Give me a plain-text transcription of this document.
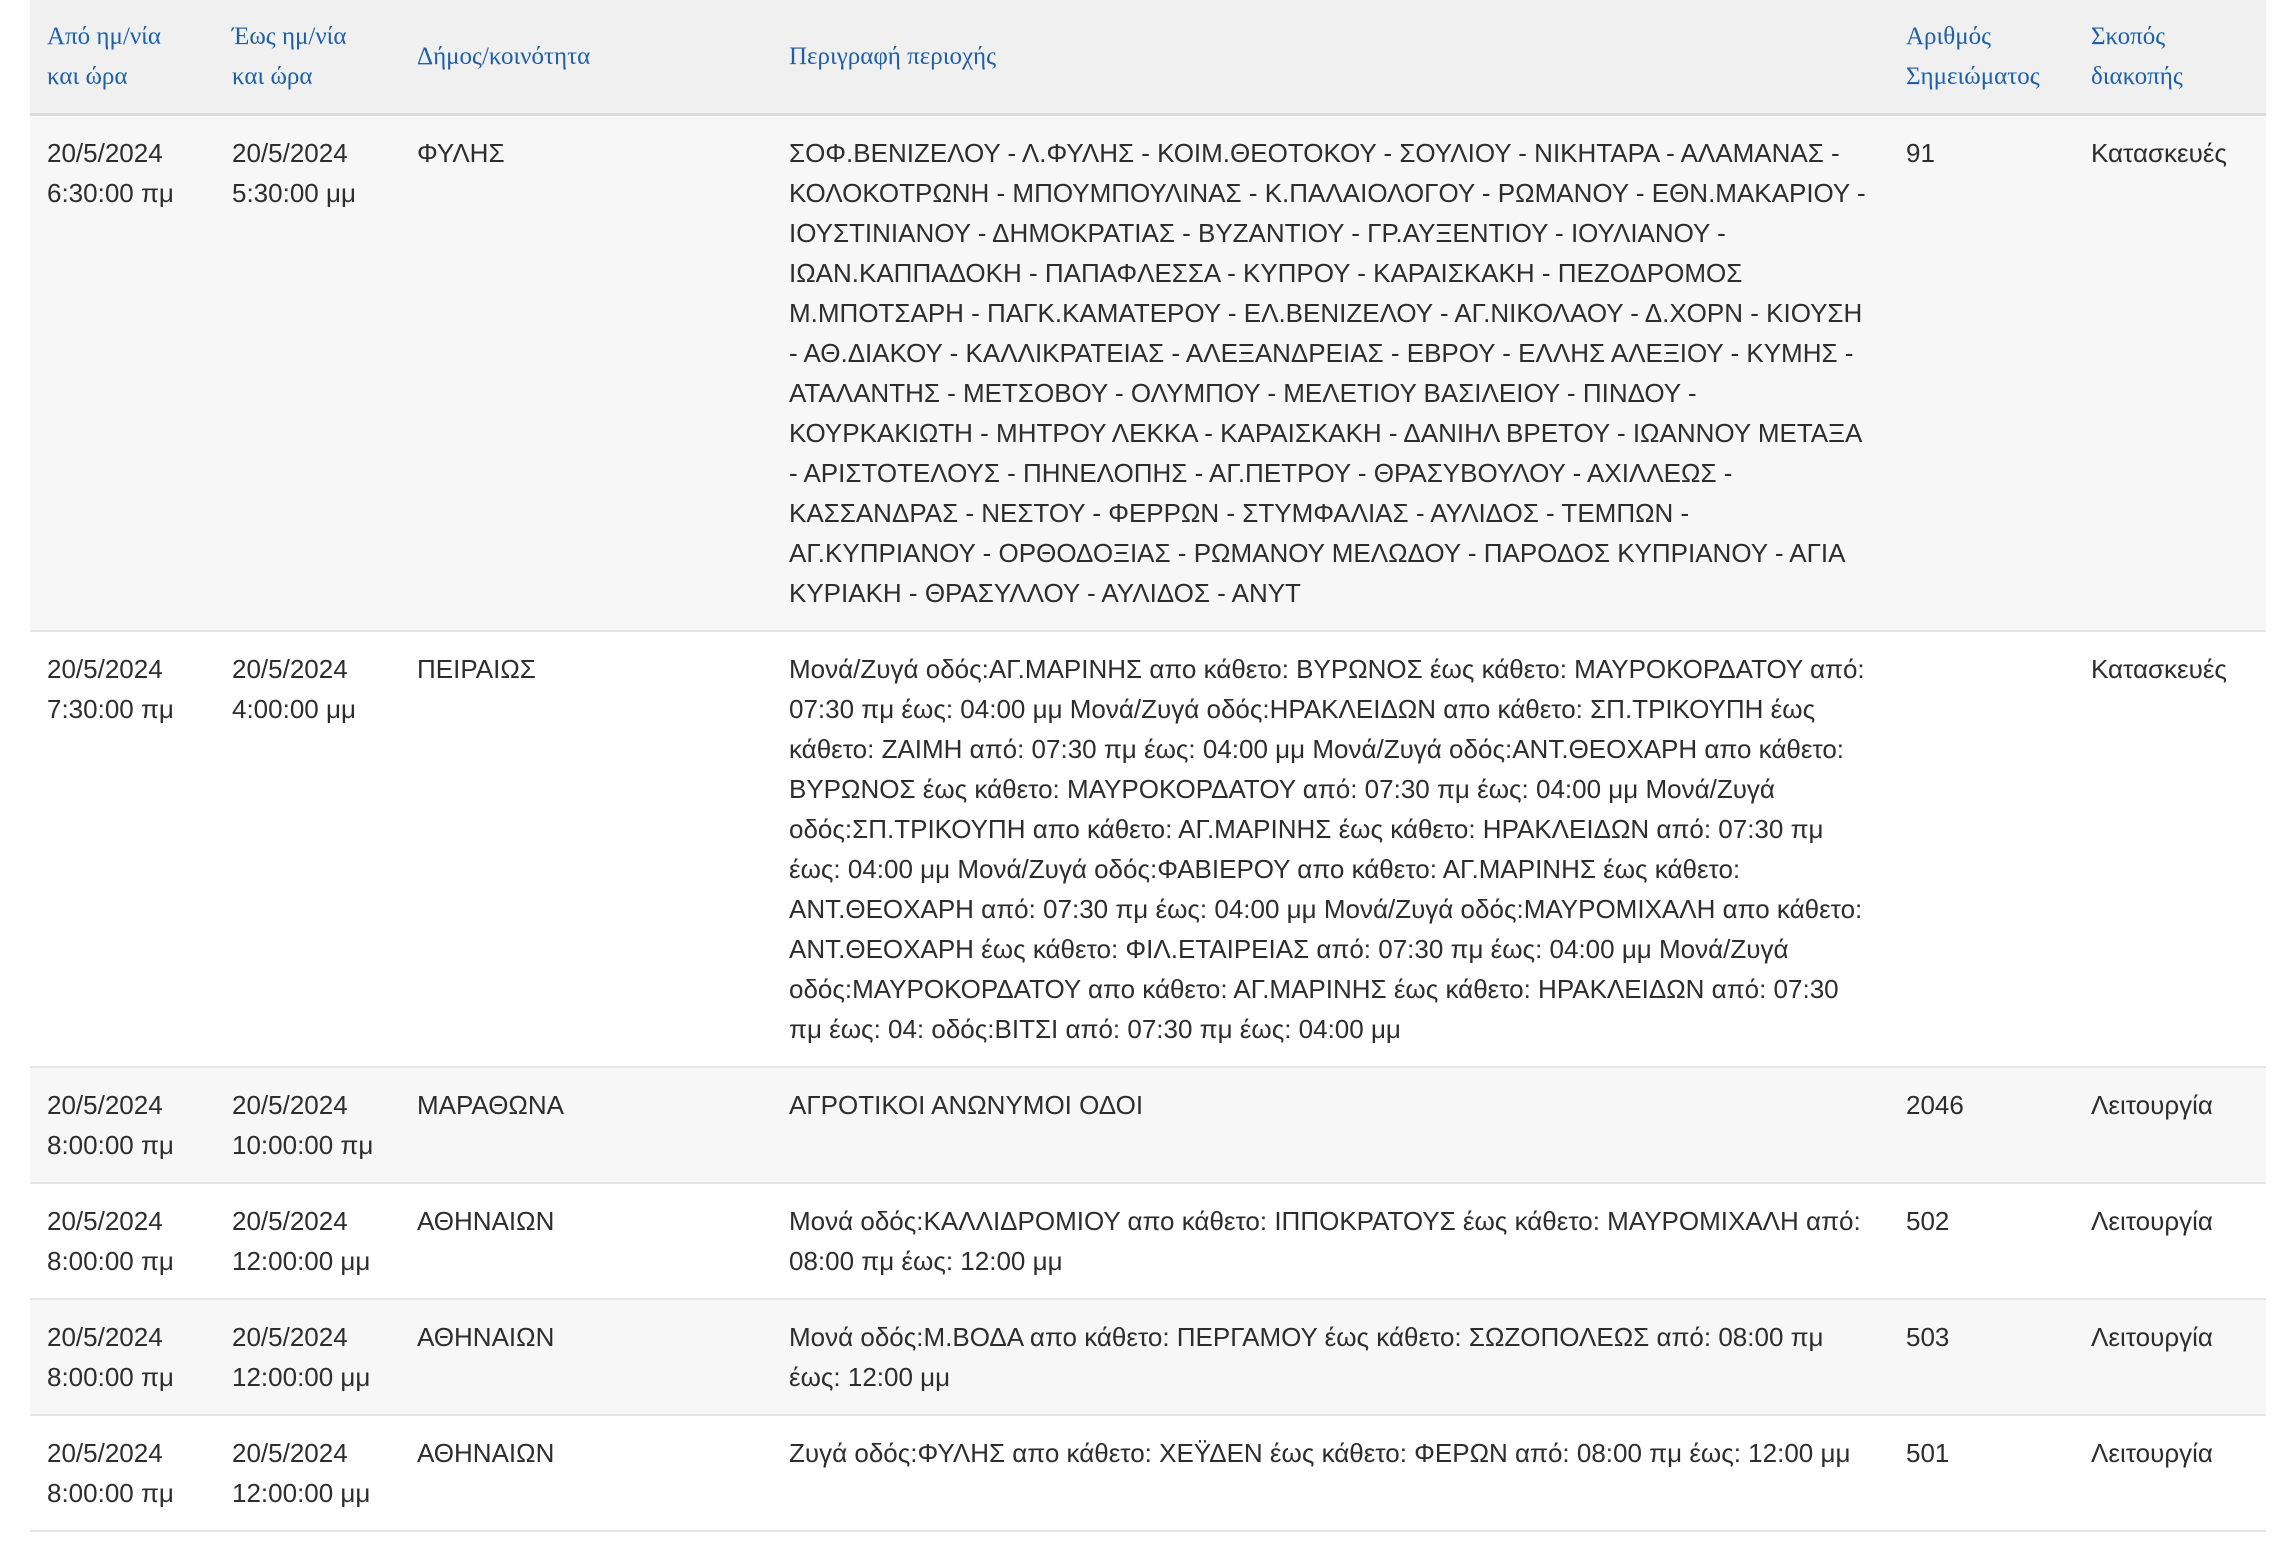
Από ημ/νία
και ώρα	Έως ημ/νία
και ώρα	Δήμος/κοινότητα	Περιγραφή περιοχής	Αριθμός
Σημειώματος	Σκοπός
διακοπής

20/5/2024
6:30:00 πμ	20/5/2024
5:30:00 μμ	ΦΥΛΗΣ	ΣΟΦ.ΒΕΝΙΖΕΛΟΥ - Λ.ΦΥΛΗΣ - ΚΟΙΜ.ΘΕΟΤΟΚΟΥ - ΣΟΥΛΙΟΥ - ΝΙΚΗΤΑΡΑ - ΑΛΑΜΑΝΑΣ - ΚΟΛΟΚΟΤΡΩΝΗ - ΜΠΟΥΜΠΟΥΛΙΝΑΣ - Κ.ΠΑΛΑΙΟΛΟΓΟΥ - ΡΩΜΑΝΟΥ - ΕΘΝ.ΜΑΚΑΡΙΟΥ - ΙΟΥΣΤΙΝΙΑΝΟΥ - ΔΗΜΟΚΡΑΤΙΑΣ - ΒΥΖΑΝΤΙΟΥ - ΓΡ.ΑΥΞΕΝΤΙΟΥ - ΙΟΥΛΙΑΝΟΥ - ΙΩΑΝ.ΚΑΠΠΑΔΟΚΗ - ΠΑΠΑΦΛΕΣΣΑ - ΚΥΠΡΟΥ - ΚΑΡΑΙΣΚΑΚΗ - ΠΕΖΟΔΡΟΜΟΣ Μ.ΜΠΟΤΣΑΡΗ - ΠΑΓΚ.ΚΑΜΑΤΕΡΟΥ - ΕΛ.ΒΕΝΙΖΕΛΟΥ - ΑΓ.ΝΙΚΟΛΑΟΥ - Δ.ΧΟΡΝ - ΚΙΟΥΣΗ - ΑΘ.ΔΙΑΚΟΥ - ΚΑΛΛΙΚΡΑΤΕΙΑΣ - ΑΛΕΞΑΝΔΡΕΙΑΣ - ΕΒΡΟΥ - ΕΛΛΗΣ ΑΛΕΞΙΟΥ - ΚΥΜΗΣ - ΑΤΑΛΑΝΤΗΣ - ΜΕΤΣΟΒΟΥ - ΟΛΥΜΠΟΥ - ΜΕΛΕΤΙΟΥ ΒΑΣΙΛΕΙΟΥ - ΠΙΝΔΟΥ - ΚΟΥΡΚΑΚΙΩΤΗ - ΜΗΤΡΟΥ ΛΕΚΚΑ - ΚΑΡΑΙΣΚΑΚΗ - ΔΑΝΙΗΛ ΒΡΕΤΟΥ - ΙΩΑΝΝΟΥ ΜΕΤΑΞΑ - ΑΡΙΣΤΟΤΕΛΟΥΣ - ΠΗΝΕΛΟΠΗΣ - ΑΓ.ΠΕΤΡΟΥ - ΘΡΑΣΥΒΟΥΛΟΥ - ΑΧΙΛΛΕΩΣ - ΚΑΣΣΑΝΔΡΑΣ - ΝΕΣΤΟΥ - ΦΕΡΡΩΝ - ΣΤΥΜΦΑΛΙΑΣ - ΑΥΛΙΔΟΣ - ΤΕΜΠΩΝ - ΑΓ.ΚΥΠΡΙΑΝΟΥ - ΟΡΘΟΔΟΞΙΑΣ - ΡΩΜΑΝΟΥ ΜΕΛΩΔΟΥ - ΠΑΡΟΔΟΣ ΚΥΠΡΙΑΝΟΥ - ΑΓΙΑ ΚΥΡΙΑΚΗ - ΘΡΑΣΥΛΛΟΥ - ΑΥΛΙΔΟΣ - ΑΝΥΤ	91	Κατασκευές

20/5/2024
7:30:00 πμ	20/5/2024
4:00:00 μμ	ΠΕΙΡΑΙΩΣ	Μονά/Ζυγά οδός:ΑΓ.ΜΑΡΙΝΗΣ απο κάθετο: ΒΥΡΩΝΟΣ έως κάθετο: ΜΑΥΡΟΚΟΡΔΑΤΟΥ από: 07:30 πμ έως: 04:00 μμ Μονά/Ζυγά οδός:ΗΡΑΚΛΕΙΔΩΝ απο κάθετο: ΣΠ.ΤΡΙΚΟΥΠΗ έως κάθετο: ΖΑΙΜΗ από: 07:30 πμ έως: 04:00 μμ Μονά/Ζυγά οδός:ΑΝΤ.ΘΕΟΧΑΡΗ απο κάθετο: ΒΥΡΩΝΟΣ έως κάθετο: ΜΑΥΡΟΚΟΡΔΑΤΟΥ από: 07:30 πμ έως: 04:00 μμ Μονά/Ζυγά οδός:ΣΠ.ΤΡΙΚΟΥΠΗ απο κάθετο: ΑΓ.ΜΑΡΙΝΗΣ έως κάθετο: ΗΡΑΚΛΕΙΔΩΝ από: 07:30 πμ έως: 04:00 μμ Μονά/Ζυγά οδός:ΦΑΒΙΕΡΟΥ απο κάθετο: ΑΓ.ΜΑΡΙΝΗΣ έως κάθετο: ΑΝΤ.ΘΕΟΧΑΡΗ από: 07:30 πμ έως: 04:00 μμ Μονά/Ζυγά οδός:ΜΑΥΡΟΜΙΧΑΛΗ απο κάθετο: ΑΝΤ.ΘΕΟΧΑΡΗ έως κάθετο: ΦΙΛ.ΕΤΑΙΡΕΙΑΣ από: 07:30 πμ έως: 04:00 μμ Μονά/Ζυγά οδός:ΜΑΥΡΟΚΟΡΔΑΤΟΥ απο κάθετο: ΑΓ.ΜΑΡΙΝΗΣ έως κάθετο: ΗΡΑΚΛΕΙΔΩΝ από: 07:30 πμ έως: 04: οδός:ΒΙΤΣΙ από: 07:30 πμ έως: 04:00 μμ		Κατασκευές

20/5/2024
8:00:00 πμ	20/5/2024
10:00:00 πμ	ΜΑΡΑΘΩΝΑ	ΑΓΡΟΤΙΚΟΙ ΑΝΩΝΥΜΟΙ ΟΔΟΙ	2046	Λειτουργία

20/5/2024
8:00:00 πμ	20/5/2024
12:00:00 μμ	ΑΘΗΝΑΙΩΝ	Μονά οδός:ΚΑΛΛΙΔΡΟΜΙΟΥ απο κάθετο: ΙΠΠΟΚΡΑΤΟΥΣ έως κάθετο: ΜΑΥΡΟΜΙΧΑΛΗ από: 08:00 πμ έως: 12:00 μμ	502	Λειτουργία

20/5/2024
8:00:00 πμ	20/5/2024
12:00:00 μμ	ΑΘΗΝΑΙΩΝ	Μονά οδός:Μ.ΒΟΔΑ απο κάθετο: ΠΕΡΓΑΜΟΥ έως κάθετο: ΣΩΖΟΠΟΛΕΩΣ από: 08:00 πμ έως: 12:00 μμ	503	Λειτουργία

20/5/2024
8:00:00 πμ	20/5/2024
12:00:00 μμ	ΑΘΗΝΑΙΩΝ	Ζυγά οδός:ΦΥΛΗΣ απο κάθετο: ΧΕΫΔΕΝ έως κάθετο: ΦΕΡΩΝ από: 08:00 πμ έως: 12:00 μμ	501	Λειτουργία
